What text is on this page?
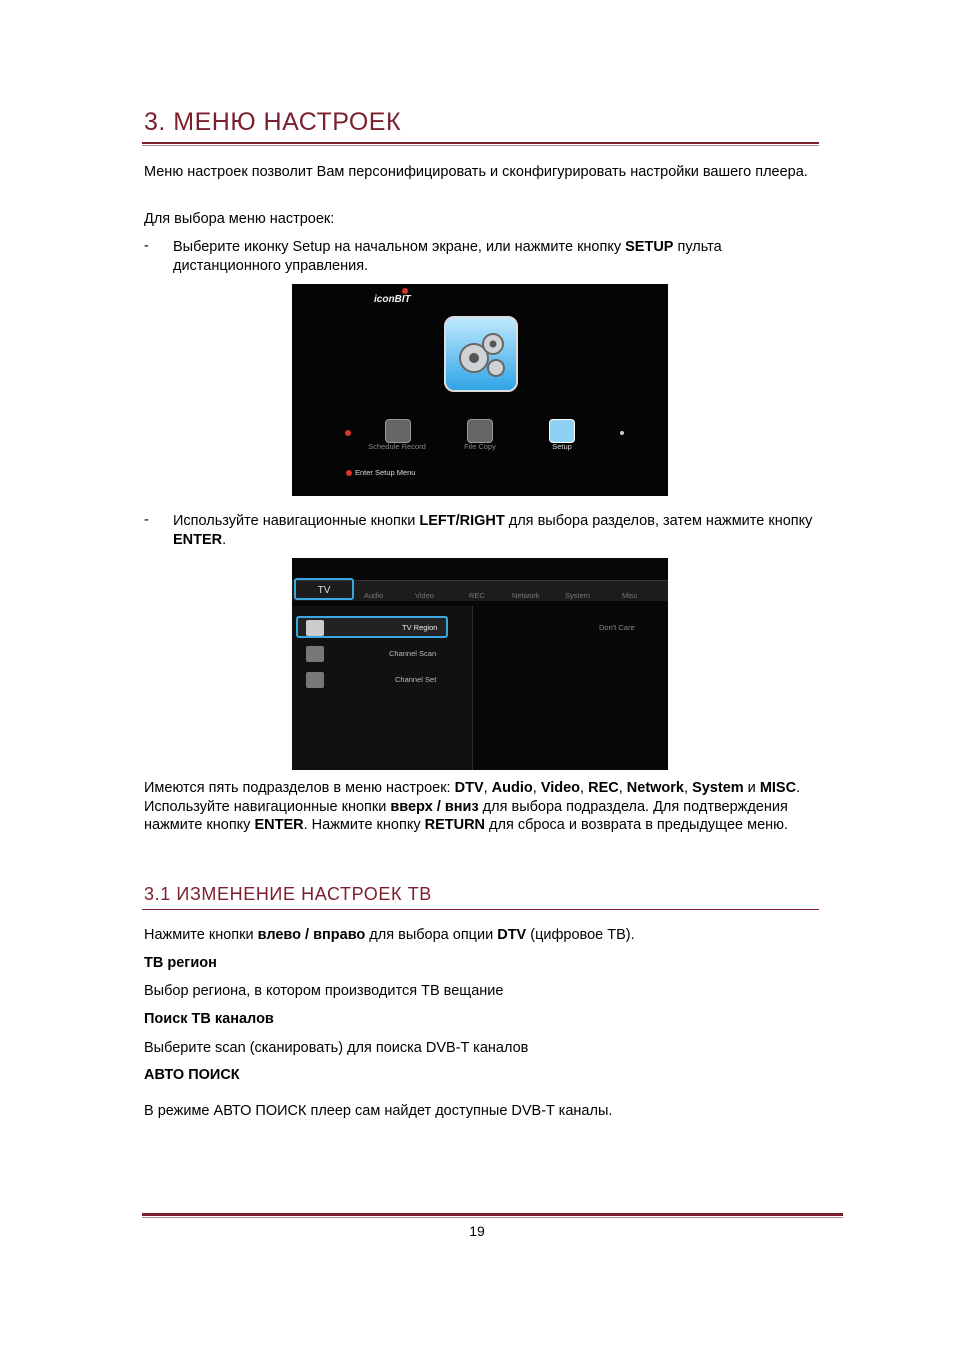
3. МЕНЮ НАСТРОЕК
Меню настроек позволит Вам персонифицировать и сконфигурировать настройки вашего плеера.
Для выбора меню настроек:
- Выберите иконку Setup на начальном экране, или нажмите кнопку SETUP пульта дистанционного управления.
iconBIT
Schedule Record	File Copy	Setup
Enter Setup Menu
- Используйте навигационные кнопки LEFT/RIGHT для выбора разделов, затем нажмите кнопку ENTER.
TV	Audio	Video	REC	Network	System	Misc
TV Region
Channel Scan
Channel Set
Don't Care
Имеются пять подразделов в меню настроек: DTV, Audio, Video, REC, Network, System и MISC. Используйте навигационные кнопки вверх / вниз для выбора подраздела. Для подтверждения нажмите кнопку ENTER. Нажмите кнопку RETURN для сброса и возврата в предыдущее меню.
3.1 ИЗМЕНЕНИЕ НАСТРОЕК ТВ
Нажмите кнопки влево / вправо для выбора опции DTV (цифровое ТВ).
ТВ регион
Выбор региона, в котором производится ТВ вещание
Поиск ТВ каналов
Выберите scan (сканировать) для поиска DVB-T каналов
АВТО ПОИСК
В режиме АВТО ПОИСК плеер сам найдет доступные DVB-T каналы.
19
